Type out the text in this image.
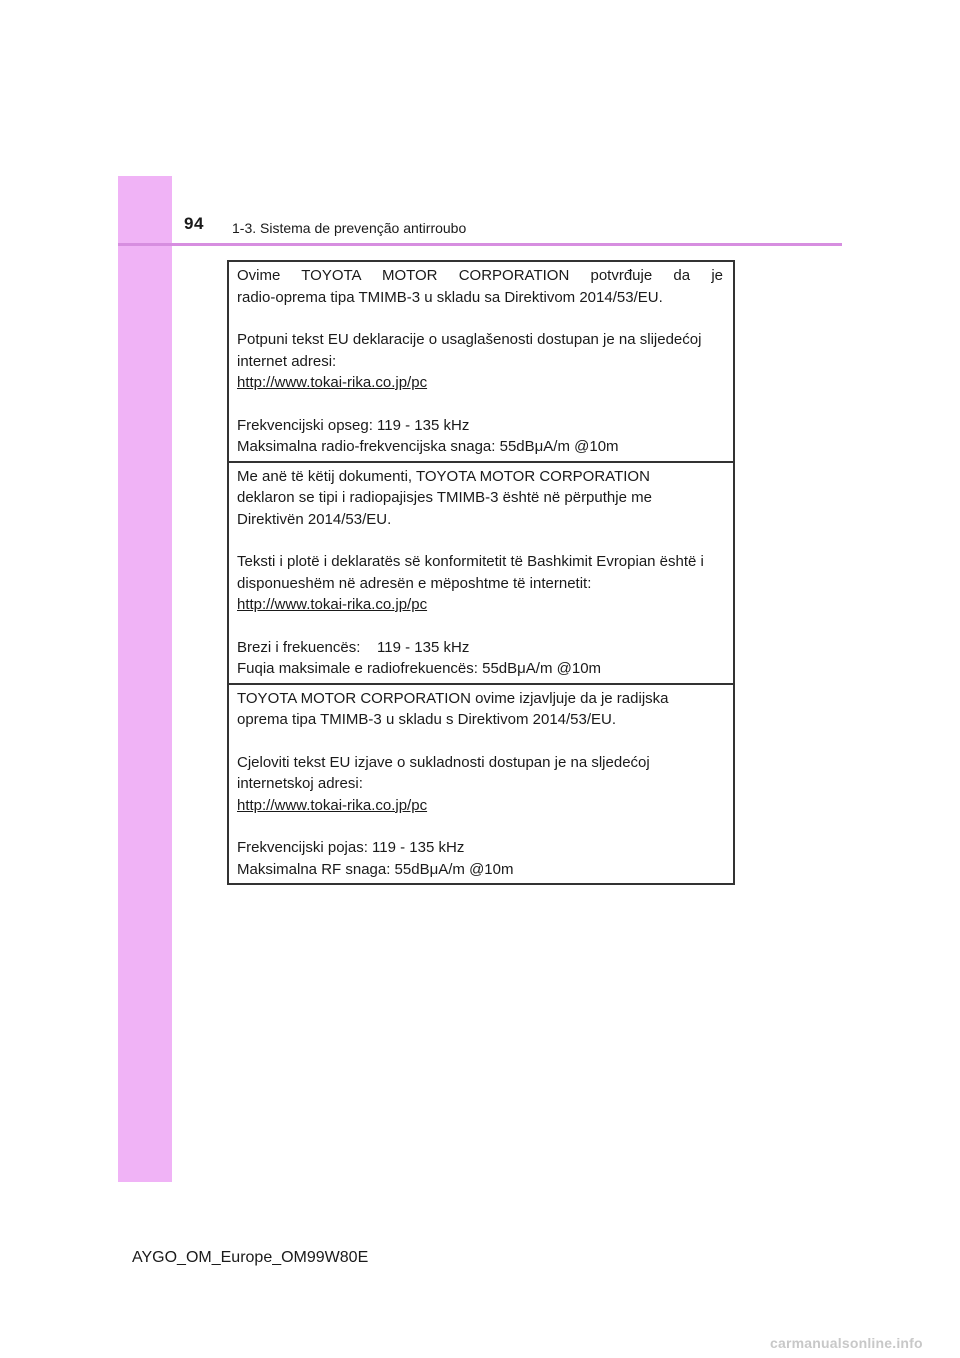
94 1-3. Sistema de prevenção antirroubo

Ovime TOYOTA MOTOR CORPORATION potvrđuje da je
radio-oprema tipa TMIMB-3 u skladu sa Direktivom 2014/53/EU.

Potpuni tekst EU deklaracije o usaglašenosti dostupan je na slijedećoj
internet adresi:
http://www.tokai-rika.co.jp/pc

Frekvencijski opseg: 119 - 135 kHz
Maksimalna radio-frekvencijska snaga: 55dBμA/m @10m

Me anë të këtij dokumenti, TOYOTA MOTOR CORPORATION
deklaron se tipi i radiopajisjes TMIMB-3 është në përputhje me
Direktivën 2014/53/EU.

Teksti i plotë i deklaratës së konformitetit të Bashkimit Evropian është i
disponueshëm në adresën e mëposhtme të internetit:
http://www.tokai-rika.co.jp/pc

Brezi i frekuencës:    119 - 135 kHz
Fuqia maksimale e radiofrekuencës: 55dBμA/m @10m

TOYOTA MOTOR CORPORATION ovime izjavljuje da je radijska
oprema tipa TMIMB-3 u skladu s Direktivom 2014/53/EU.

Cjeloviti tekst EU izjave o sukladnosti dostupan je na sljedećoj
internetskoj adresi:
http://www.tokai-rika.co.jp/pc

Frekvencijski pojas: 119 - 135 kHz
Maksimalna RF snaga: 55dBμA/m @10m

AYGO_OM_Europe_OM99W80E
carmanualsonline.info
